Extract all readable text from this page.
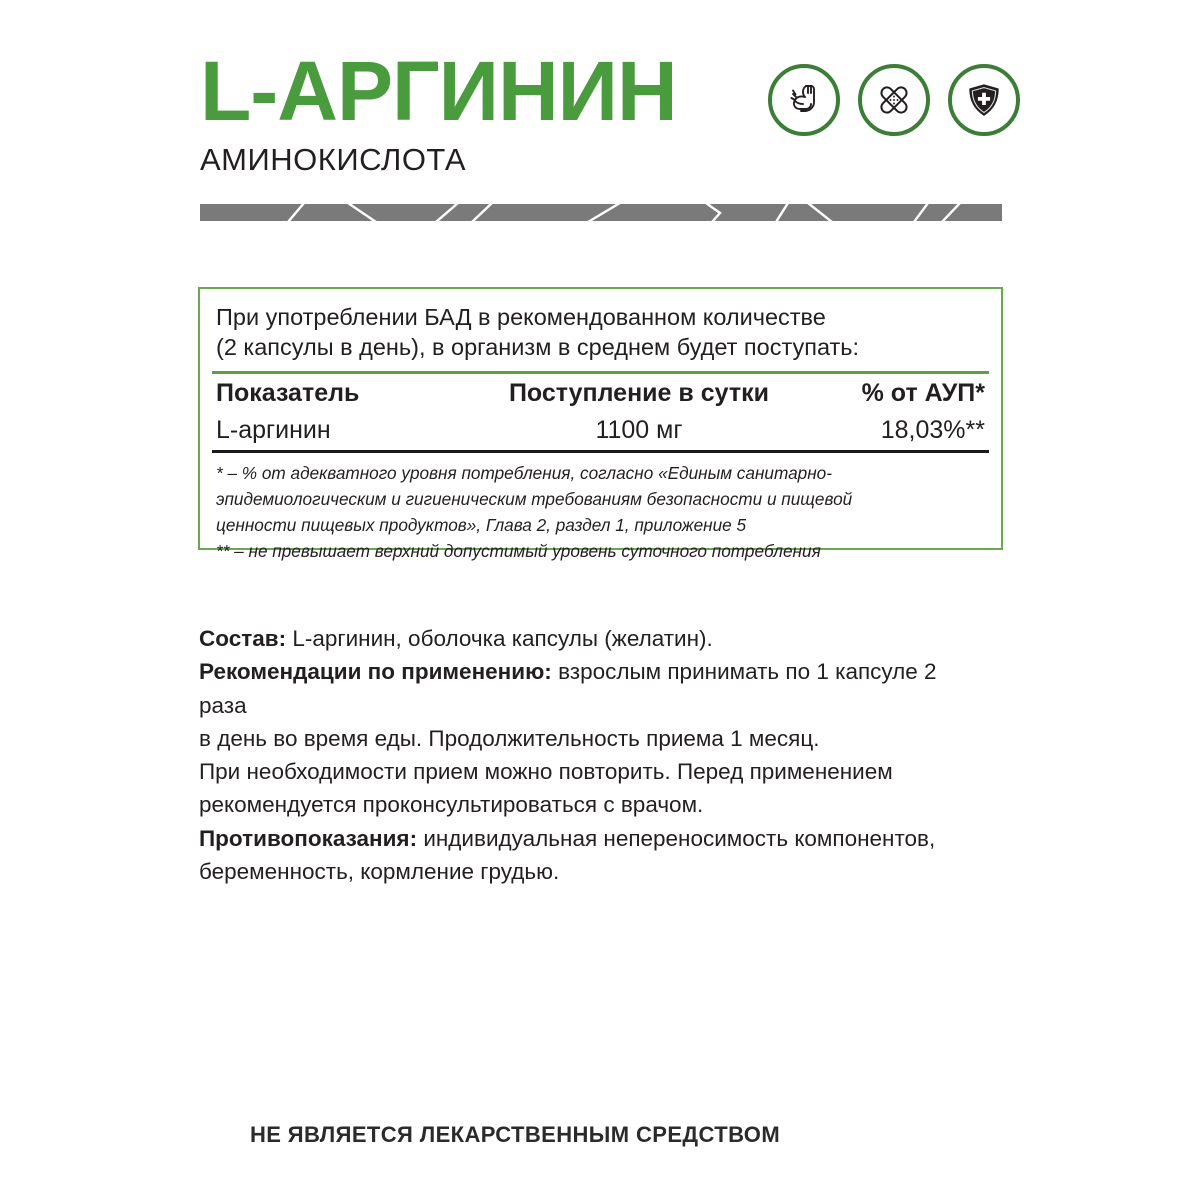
L-АРГИНИН
АМИНОКИСЛОТА
При употреблении БАД в рекомендованном количестве
(2 капсулы в день), в организм в среднем будет поступать:
Показатель	Поступление в сутки	% от АУП*
L-аргинин	1100 мг	18,03%**

* – % от адекватного уровня потребления, согласно «Единым санитарно-

эпидемиологическим и гигиеническим требованиям безопасности и пищевой

ценности пищевых продуктов», Глава 2, раздел 1, приложение 5

** – не превышает верхний допустимый уровень суточного потребления

Состав: L-аргинин, оболочка капсулы (желатин).

Рекомендации по применению: взрослым принимать по 1 капсуле 2 раза

в день во время еды. Продолжительность приема 1 месяц.

При необходимости прием можно повторить. Перед применением

рекомендуется проконсультироваться с врачом.

Противопоказания: индивидуальная непереносимость компонентов,

беременность, кормление грудью.

НЕ ЯВЛЯЕТСЯ ЛЕКАРСТВЕННЫМ СРЕДСТВОМ
